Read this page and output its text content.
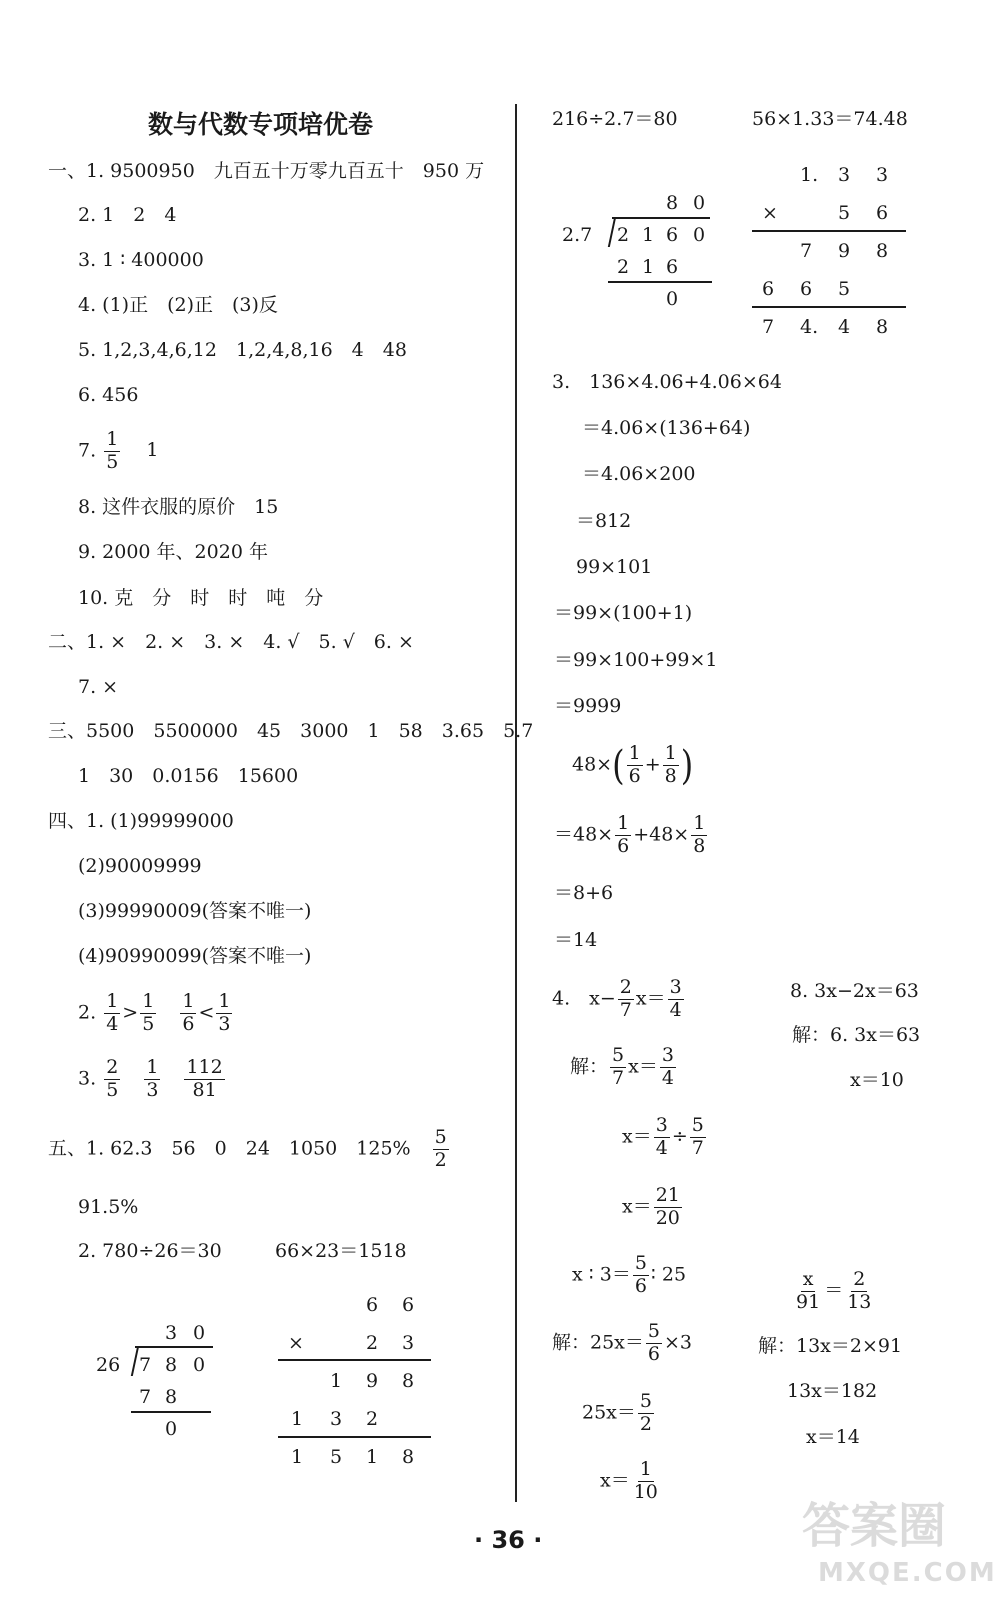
数与代数专项培优卷
一、1. 9500950　九百五十万零九百五十　950 万
2. 1　2　4
3. 1 ∶ 400000
4. (1)正　(2)正　(3)反
5. 1,2,3,4,6,12　1,2,4,8,16　4　48
6. 456
7. $\frac{1}{5} 1$
8. 这件衣服的原价　15
9. 2000 年、2020 年
10. 克　分　时　时　吨　分
二、1. ×　2. ×　3. ×　4. √　5. √　6. ×
7. ×
三、5500　5500000　45　3000　1　58　3.65　5.7
1　30　0.0156　15600
四、1. (1)99999000
(2)90009999
(3)99990009(答案不唯一)
(4)90990099(答案不唯一)
2. $\frac{1}{4} > \frac{1}{5}$
$\frac{1}{6} < \frac{1}{3}$
3. $\frac{2}{5}$
$\frac{1}{3}$
$\frac{112}{81}$
五、1. 62.3　56　0　24　1050　$125\% \frac{5}{2}$
91.5%
2. 780÷26＝30	66×23＝1518
3 0
26 7 8 0
7 8
0
6 6
×	2 3
1 9 8
1 3 2
1 5 1 8
216÷2.7＝80	56×1.33＝74.48
8 0
2.7 2 1 6 0
2 1 6
0
1. 3 3
×	5 6
7 9 8
6 6 5
7 4. 4 8
3.　136×4.06+4.06×64
＝4.06×(136+64)
＝4.06×200
＝812
99×101
＝99×(100+1)
＝99×100+99×1
＝9999
$48\times( \frac{1}{6} + \frac{1}{8}$ )
$=48\times \frac{1}{6} +48\times \frac{1}{8}$
＝8+6
＝14
4.　$x- \frac{2}{7} x= \frac{3}{4}$
解： $\frac{5}{7} x= \frac{3}{4}$
$x= \frac{3}{4} \div \frac{5}{7}$
$x= \frac{21}{20}$
8. 3x−2x＝63
解：6. 3x＝63
x＝10
x ∶ $3= \frac{5}{6}$ ∶ 25
解：$25x= \frac{5}{6} \times 3$
$25x= \frac{5}{2}$
$x= \frac{1}{10}$
$\frac{x}{91} = \frac{2}{13}$
解：13x＝2×91
13x＝182
x＝14
· 36 ·	答案圈
MXQE.COM
